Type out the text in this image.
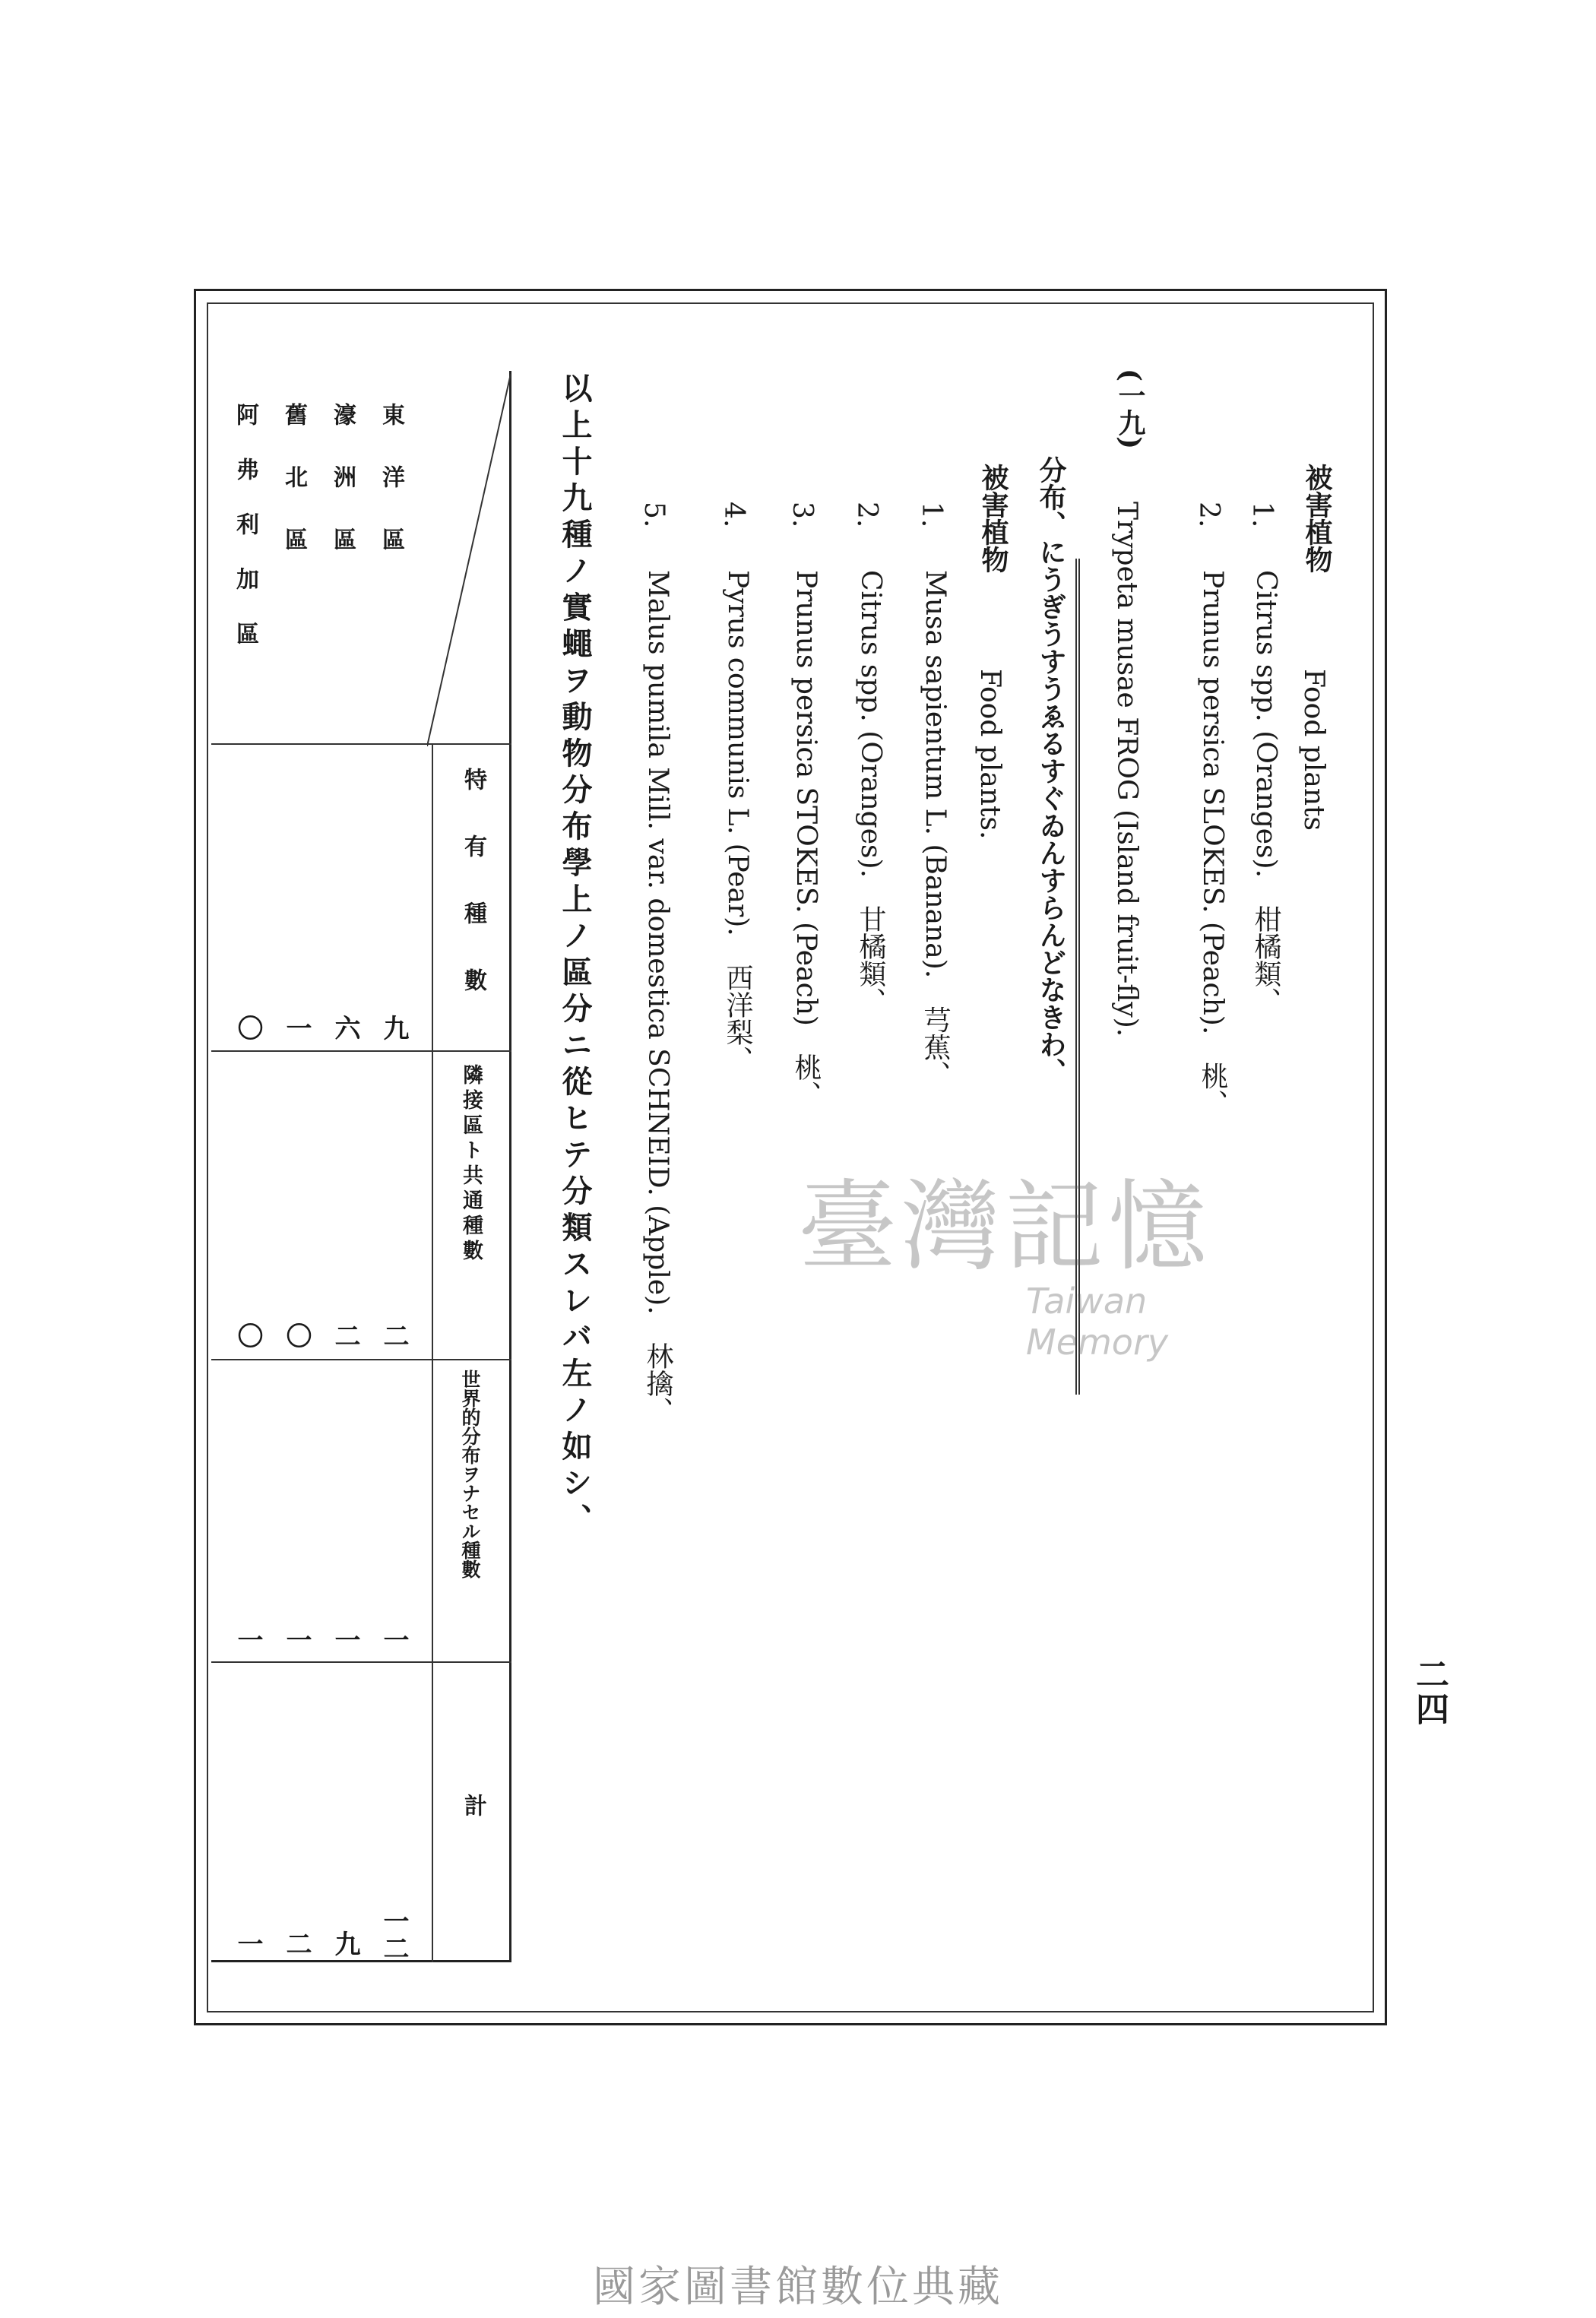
二四
被害植物
Food plants
1.
Citrus spp. (Oranges).　柑橘類、
2.
Prunus persica SLOKES. (Peach).　桃、
(一九)
Trypeta musae FROG (Island fruit-fly).
分布、にうぎうすうゑるすぐゐんすらんどなきわ、
被害植物
Food plants.
1.
Musa sapientum L. (Banana).　芎蕉、
2.
Citrus spp. (Oranges).　甘橘類、
3.
Prunus persica STOKES. (Peach)　桃、
4.
Pyrus communis L. (Pear).　西洋梨、
5.
Malus pumila Mill. var. domestica SCHNEID. (Apple).　林擒、
以上十九種ノ實蠅ヲ動物分布學上ノ區分ニ從ヒテ分類スレバ左ノ如シ、
東洋區
濠洲區
舊北區
阿弗利加區
特有種數
隣接區ト共通種數
世界的分布ヲナセル種數
計
九
六
一
〇
二
二
〇
〇
一
一
一
一
一二
九
二
一
臺灣記憶
Taiwan Memory
國家圖書館數位典藏
